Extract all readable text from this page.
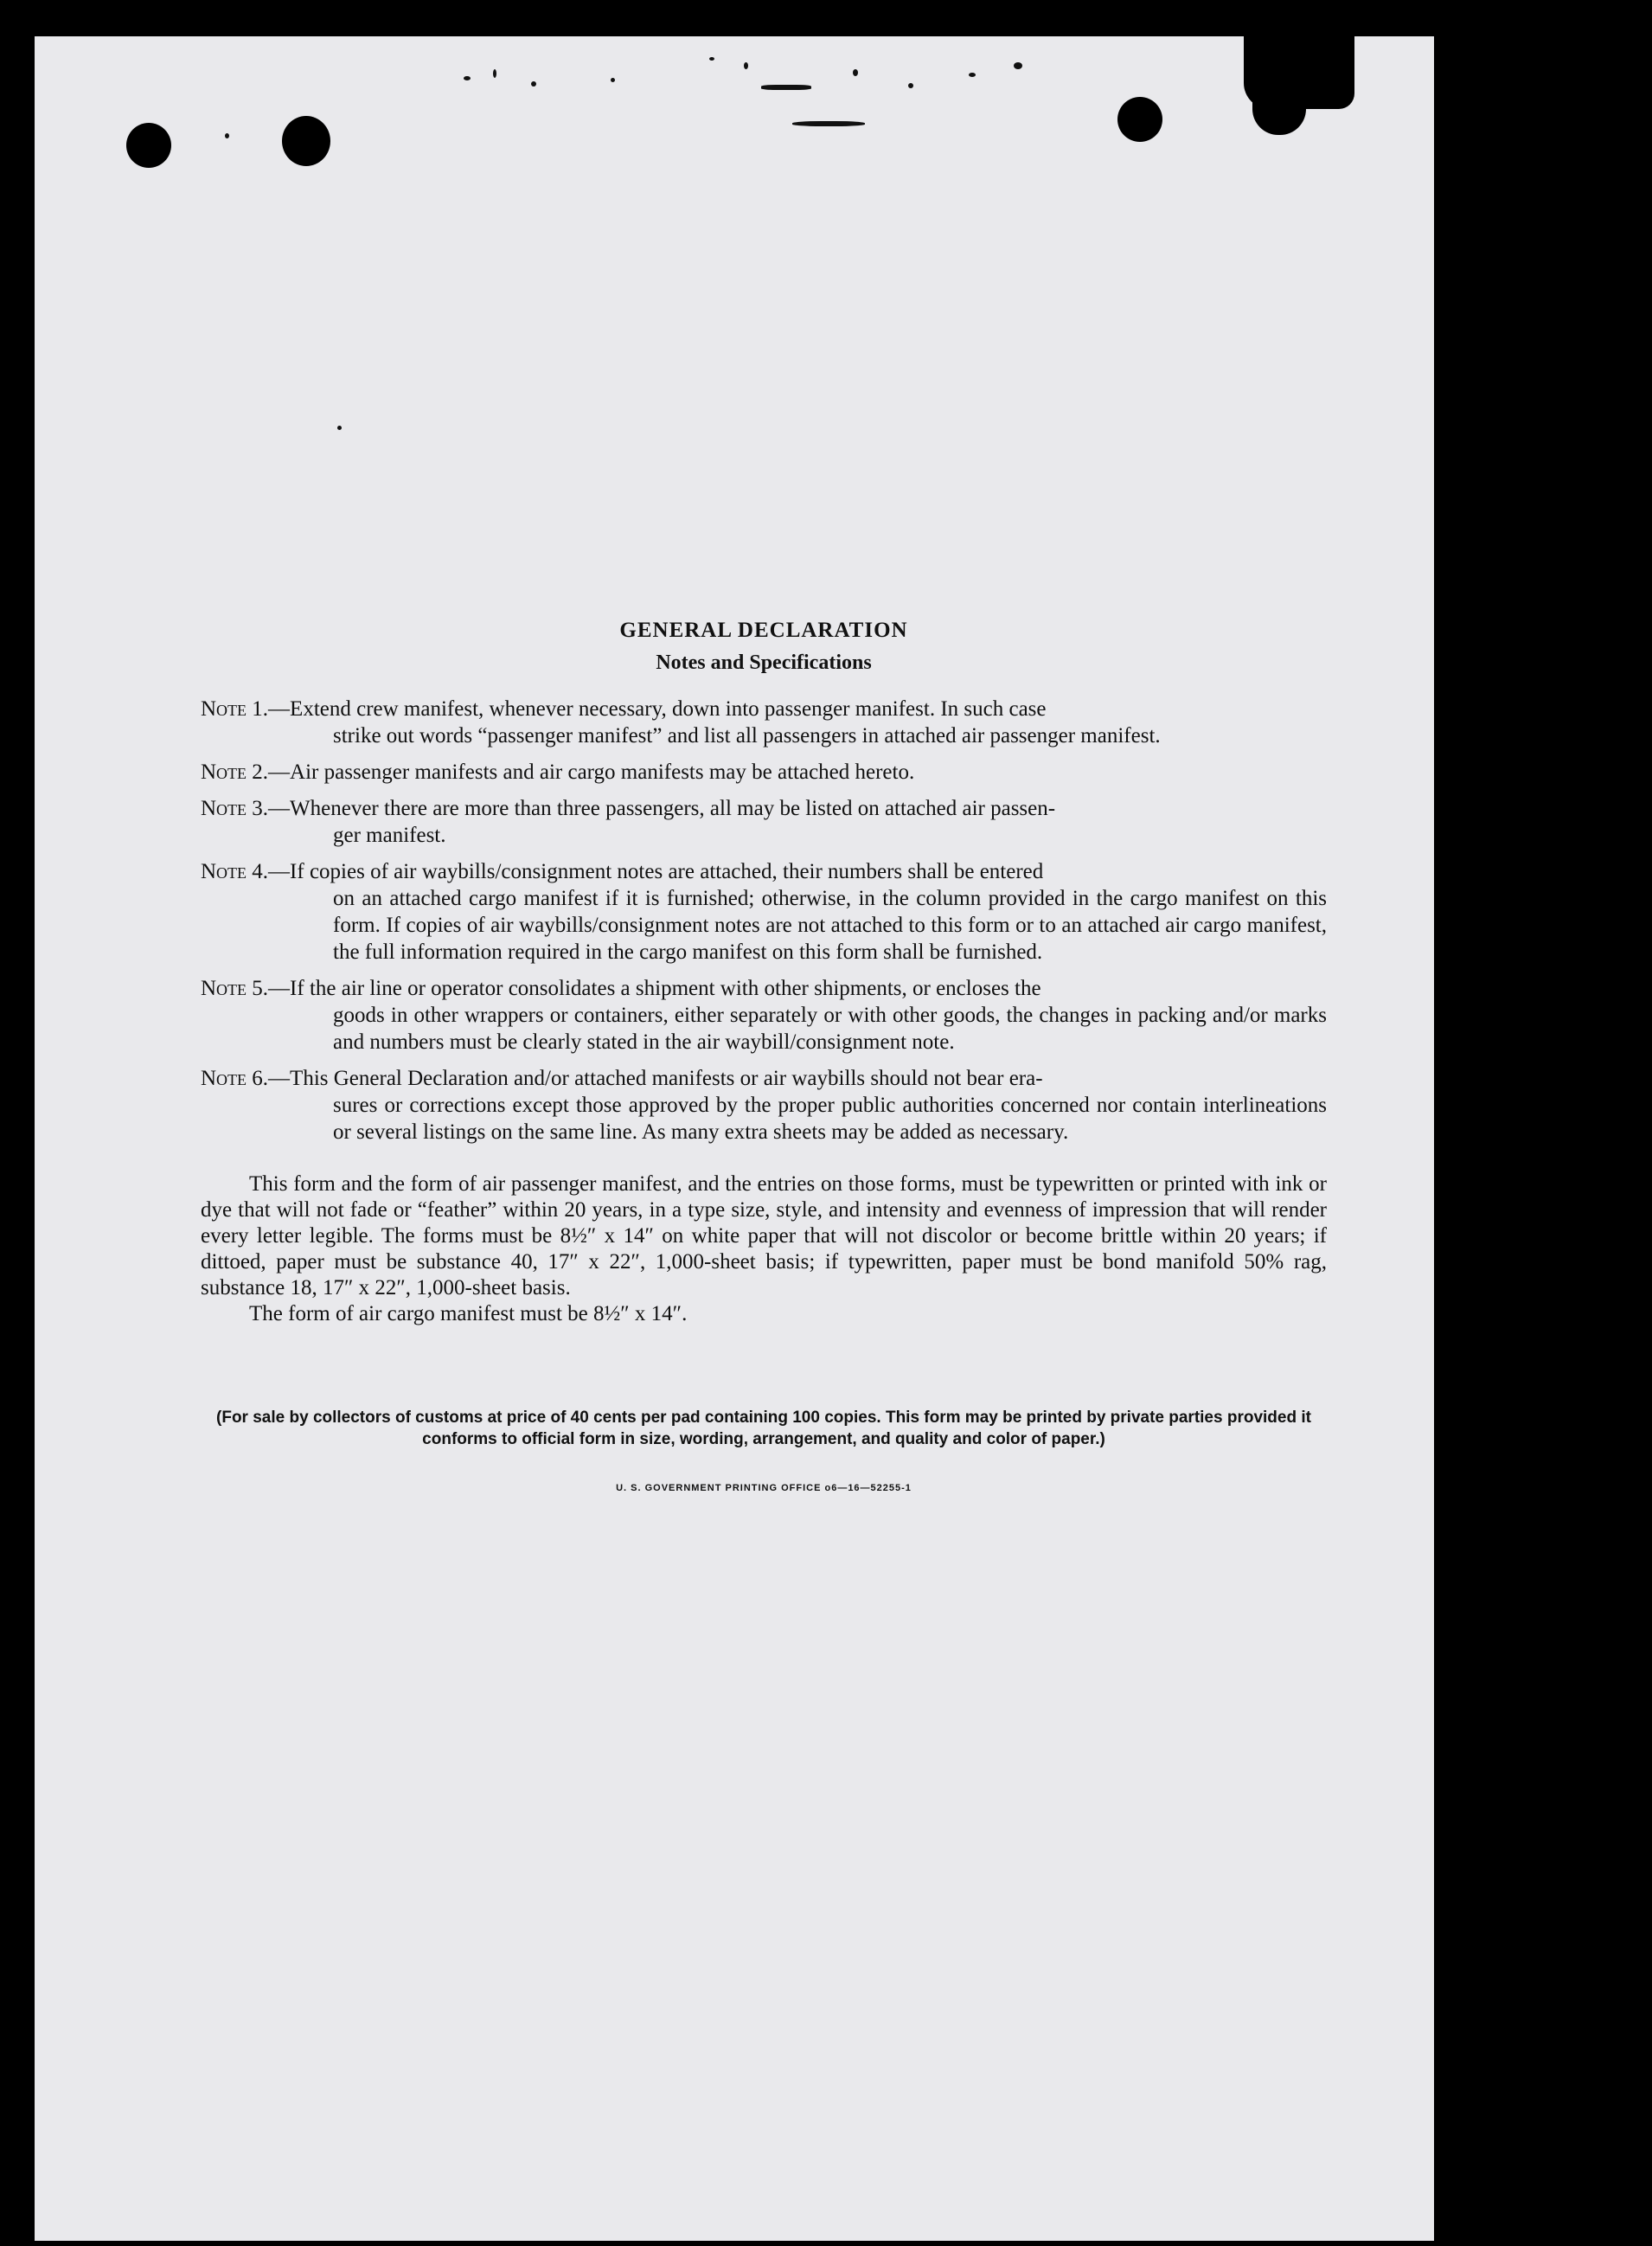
GENERAL DECLARATION
Notes and Specifications
Note 1.—Extend crew manifest, whenever necessary, down into passenger manifest. In such case
strike out words “passenger manifest” and list all passengers in attached air passenger manifest.
Note 2.—Air passenger manifests and air cargo manifests may be attached hereto.
Note 3.—Whenever there are more than three passengers, all may be listed on attached air passen-
ger manifest.
Note 4.—If copies of air waybills/consignment notes are attached, their numbers shall be entered
on an attached cargo manifest if it is furnished; otherwise, in the column provided in the cargo manifest on this form. If copies of air waybills/consignment notes are not attached to this form or to an attached air cargo manifest, the full information required in the cargo manifest on this form shall be furnished.
Note 5.—If the air line or operator consolidates a shipment with other shipments, or encloses the
goods in other wrappers or containers, either separately or with other goods, the changes in packing and/or marks and numbers must be clearly stated in the air waybill/consignment note.
Note 6.—This General Declaration and/or attached manifests or air waybills should not bear era-
sures or corrections except those approved by the proper public authorities concerned nor contain interlineations or several listings on the same line. As many extra sheets may be added as necessary.

This form and the form of air passenger manifest, and the entries on those forms, must be typewritten or printed with ink or dye that will not fade or “feather” within 20 years, in a type size, style, and intensity and evenness of impression that will render every letter legible. The forms must be 8½″ x 14″ on white paper that will not discolor or become brittle within 20 years; if dittoed, paper must be substance 40, 17″ x 22″, 1,000-sheet basis; if typewritten, paper must be bond manifold 50% rag, substance 18, 17″ x 22″, 1,000-sheet basis.

The form of air cargo manifest must be 8½″ x 14″.

(For sale by collectors of customs at price of 40 cents per pad containing 100 copies. This form may be printed by private parties provided it conforms to official form in size, wording, arrangement, and quality and color of paper.)
U. S. GOVERNMENT PRINTING OFFICE o6—16—52255-1
